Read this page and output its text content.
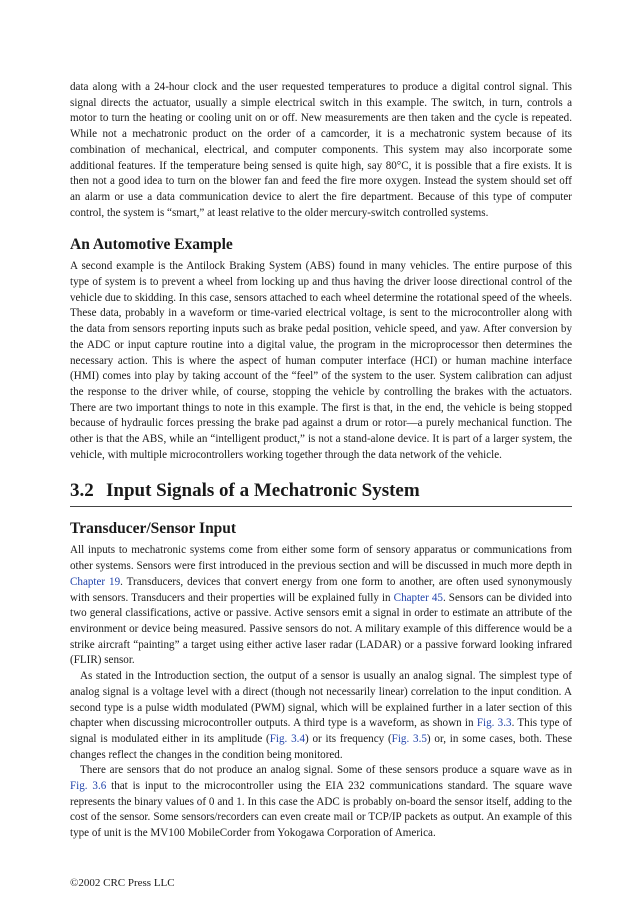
data along with a 24-hour clock and the user requested temperatures to produce a digital control signal. This signal directs the actuator, usually a simple electrical switch in this example. The switch, in turn, controls a motor to turn the heating or cooling unit on or off. New measurements are then taken and the cycle is repeated. While not a mechatronic product on the order of a camcorder, it is a mechatronic system because of its combination of mechanical, electrical, and computer components. This system may also incorporate some additional features. If the temperature being sensed is quite high, say 80°C, it is possible that a fire exists. It is then not a good idea to turn on the blower fan and feed the fire more oxygen. Instead the system should set off an alarm or use a data communication device to alert the fire department. Because of this type of computer control, the system is “smart,” at least relative to the older mercury-switch controlled systems.

An Automotive Example

A second example is the Antilock Braking System (ABS) found in many vehicles. The entire purpose of this type of system is to prevent a wheel from locking up and thus having the driver loose directional control of the vehicle due to skidding. In this case, sensors attached to each wheel determine the rotational speed of the wheels. These data, probably in a waveform or time-varied electrical voltage, is sent to the microcontroller along with the data from sensors reporting inputs such as brake pedal position, vehicle speed, and yaw. After conversion by the ADC or input capture routine into a digital value, the program in the microprocessor then determines the necessary action. This is where the aspect of human computer interface (HCI) or human machine interface (HMI) comes into play by taking account of the “feel” of the system to the user. System calibration can adjust the response to the driver while, of course, stopping the vehicle by controlling the brakes with the actuators. There are two important things to note in this example. The first is that, in the end, the vehicle is being stopped because of hydraulic forces pressing the brake pad against a drum or rotor—a purely mechanical function. The other is that the ABS, while an “intelligent product,” is not a stand-alone device. It is part of a larger system, the vehicle, with multiple microcontrollers working together through the data network of the vehicle.

3.2 Input Signals of a Mechatronic System
Transducer/Sensor Input

All inputs to mechatronic systems come from either some form of sensory apparatus or communications from other systems. Sensors were first introduced in the previous section and will be discussed in much more depth in Chapter 19. Transducers, devices that convert energy from one form to another, are often used synonymously with sensors. Transducers and their properties will be explained fully in Chapter 45. Sensors can be divided into two general classifications, active or passive. Active sensors emit a signal in order to estimate an attribute of the environment or device being measured. Passive sensors do not. A military example of this difference would be a strike aircraft “painting” a target using either active laser radar (LADAR) or a passive forward looking infrared (FLIR) sensor.

As stated in the Introduction section, the output of a sensor is usually an analog signal. The simplest type of analog signal is a voltage level with a direct (though not necessarily linear) correlation to the input condition. A second type is a pulse width modulated (PWM) signal, which will be explained further in a later section of this chapter when discussing microcontroller outputs. A third type is a waveform, as shown in Fig. 3.3. This type of signal is modulated either in its amplitude (Fig. 3.4) or its frequency (Fig. 3.5) or, in some cases, both. These changes reflect the changes in the condition being monitored.

There are sensors that do not produce an analog signal. Some of these sensors produce a square wave as in Fig. 3.6 that is input to the microcontroller using the EIA 232 communications standard. The square wave represents the binary values of 0 and 1. In this case the ADC is probably on-board the sensor itself, adding to the cost of the sensor. Some sensors/recorders can even create mail or TCP/IP packets as output. An example of this type of unit is the MV100 MobileCorder from Yokogawa Corporation of America.

©2002 CRC Press LLC
